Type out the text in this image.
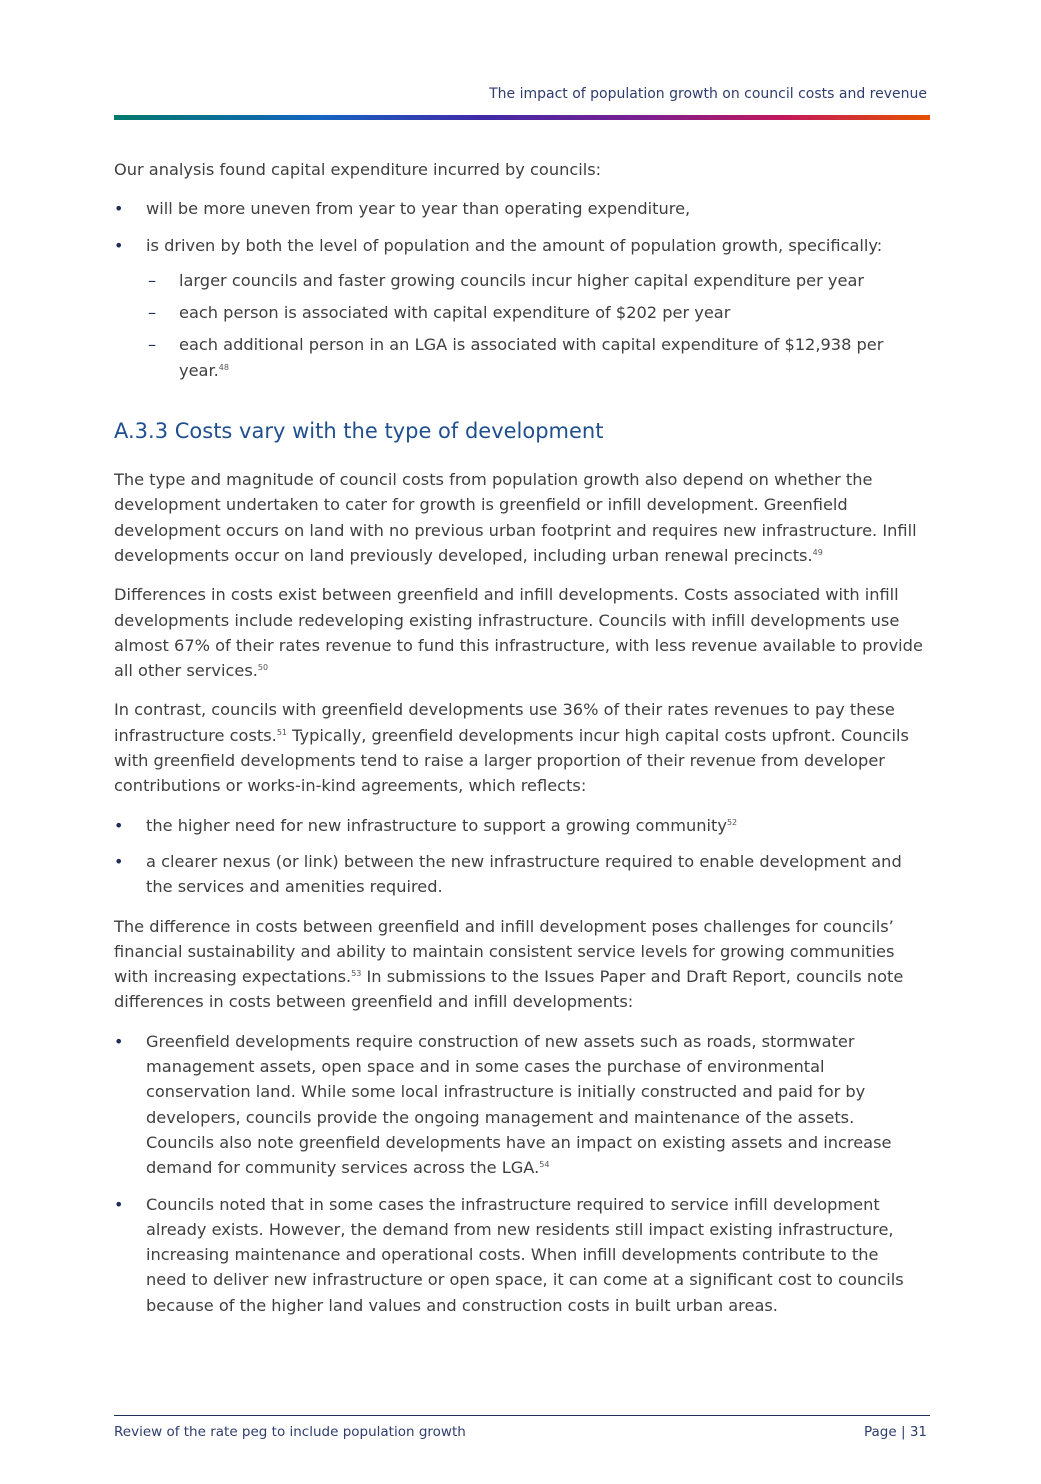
The impact of population growth on council costs and revenue

Our analysis found capital expenditure incurred by councils:

• will be more uneven from year to year than operating expenditure,
• is driven by both the level of population and the amount of population growth, specifically:
– larger councils and faster growing councils incur higher capital expenditure per year
– each person is associated with capital expenditure of $202 per year
– each additional person in an LGA is associated with capital expenditure of $12,938 per year.$^{48}$
A.3.3 Costs vary with the type of development

The type and magnitude of council costs from population growth also depend on whether the development undertaken to cater for growth is greenfield or infill development. Greenfield development occurs on land with no previous urban footprint and requires new infrastructure. Infill developments occur on land previously developed, including urban renewal precincts.$^{49}$

Differences in costs exist between greenfield and infill developments. Costs associated with infill developments include redeveloping existing infrastructure. Councils with infill developments use almost 67% of their rates revenue to fund this infrastructure, with less revenue available to provide all other services.$^{50}$

In contrast, councils with greenfield developments use 36% of their rates revenues to pay these infrastructure costs.$^{51}$ Typically, greenfield developments incur high capital costs upfront. Councils with greenfield developments tend to raise a larger proportion of their revenue from developer contributions or works-in-kind agreements, which reflects:

• the higher need for new infrastructure to support a growing community$^{52}$
• a clearer nexus (or link) between the new infrastructure required to enable development and the services and amenities required.

The difference in costs between greenfield and infill development poses challenges for councils’ financial sustainability and ability to maintain consistent service levels for growing communities with increasing expectations.$^{53}$ In submissions to the Issues Paper and Draft Report, councils note differences in costs between greenfield and infill developments:

• Greenfield developments require construction of new assets such as roads, stormwater management assets, open space and in some cases the purchase of environmental conservation land. While some local infrastructure is initially constructed and paid for by developers, councils provide the ongoing management and maintenance of the assets. Councils also note greenfield developments have an impact on existing assets and increase demand for community services across the LGA.$^{54}$
• Councils noted that in some cases the infrastructure required to service infill development already exists. However, the demand from new residents still impact existing infrastructure, increasing maintenance and operational costs. When infill developments contribute to the need to deliver new infrastructure or open space, it can come at a significant cost to councils because of the higher land values and construction costs in built urban areas.
Review of the rate peg to include population growth	Page | 31
